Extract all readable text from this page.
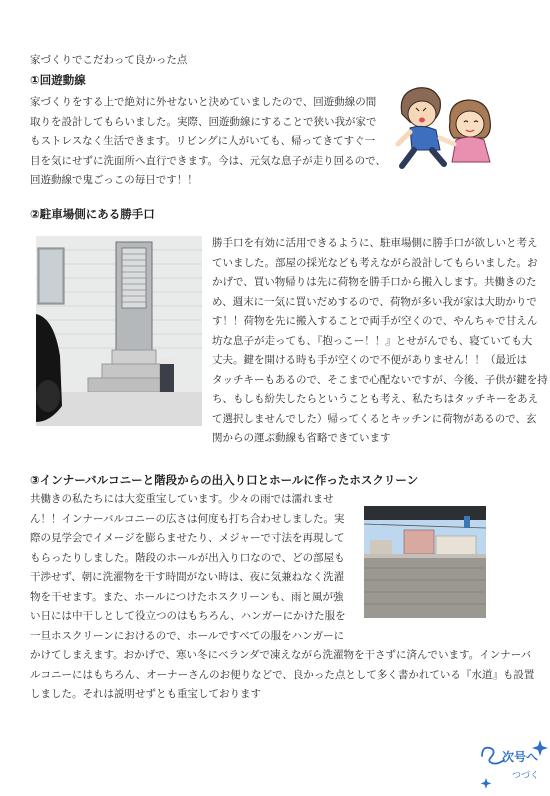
家づくりでこだわって良かった点
①回遊動線
家づくりをする上で絶対に外せないと決めていましたので、回遊動線の間
取りを設計してもらいました。実際、回遊動線にすることで狭い我が家で
もストレスなく生活できます。リビングに人がいても、帰ってきてすぐ一
目を気にせずに洗面所へ直行できます。今は、元気な息子が走り回るので、
回遊動線で鬼ごっこの毎日です！！
②駐車場側にある勝手口
勝手口を有効に活用できるように、駐車場側に勝手口が欲しいと考え
ていました。部屋の採光なども考えながら設計してもらいました。お
かげで、買い物帰りは先に荷物を勝手口から搬入します。共働きのた
め、週末に一気に買いだめするので、荷物が多い我が家は大助かりで
す！！荷物を先に搬入することで両手が空くので、やんちゃで甘えん
坊な息子が走っても、『抱っこー！！』とせがんでも、寝ていても大
丈夫。鍵を開ける時も手が空くので不便がありません！！（最近は
タッチキーもあるので、そこまで心配ないですが、今後、子供が鍵を持
ち、もしも紛失したらということも考え、私たちはタッチキーをあえ
て選択しませんでした）帰ってくるとキッチンに荷物があるので、玄
関からの運ぶ動線も省略できています
③インナーバルコニーと階段からの出入り口とホールに作ったホスクリーン
共働きの私たちには大変重宝しています。少々の雨では濡れませ
ん！！インナーバルコニーの広さは何度も打ち合わせしました。実
際の見学会でイメージを膨らませたり、メジャーで寸法を再現して
もらったりしました。階段のホールが出入り口なので、どの部屋も
干渉せず、朝に洗濯物を干す時間がない時は、夜に気兼ねなく洗濯
物を干せます。また、ホールにつけたホスクリーンも、雨と風が強
い日には中干しとして役立つのはもちろん、ハンガーにかけた服を
一旦ホスクリーンにおけるので、ホールですべての服をハンガーに
かけてしまえます。おかげで、寒い冬にベランダで凍えながら洗濯物を干さずに済んでいます。インナーバ
ルコニーにはもちろん、オーナーさんのお便りなどで、良かった点として多く書かれている『水道』も設置
しました。それは説明せずとも重宝しております
次号へ
つづく
